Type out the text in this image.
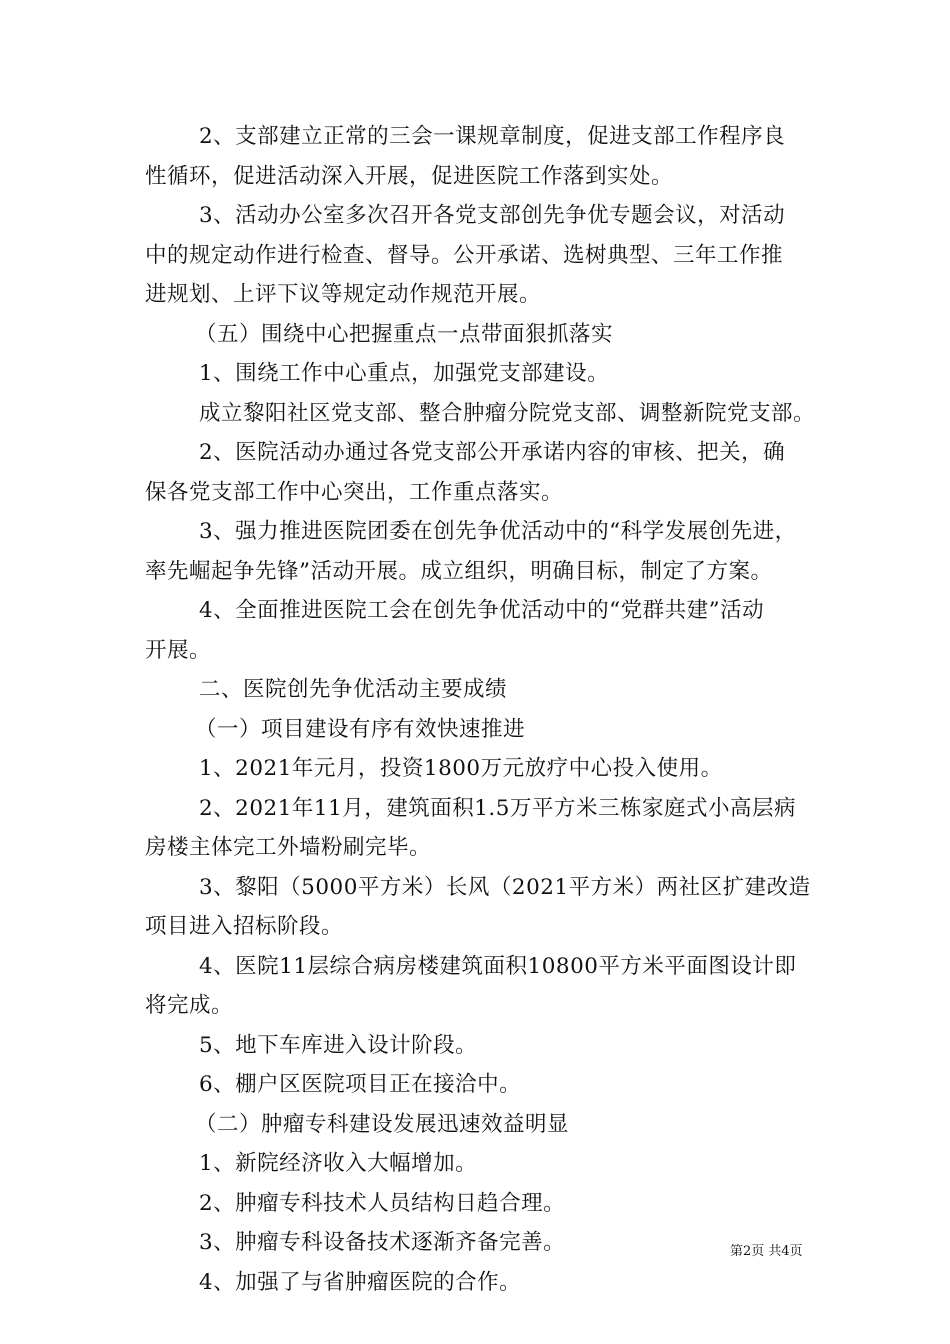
2、支部建立正常的三会一课规章制度，促进支部工作程序良
性循环，促进活动深入开展，促进医院工作落到实处。
3、活动办公室多次召开各党支部创先争优专题会议，对活动
中的规定动作进行检查、督导。公开承诺、选树典型、三年工作推
进规划、上评下议等规定动作规范开展。
（五）围绕中心把握重点一点带面狠抓落实
1、围绕工作中心重点，加强党支部建设。
成立黎阳社区党支部、整合肿瘤分院党支部、调整新院党支部。
2、医院活动办通过各党支部公开承诺内容的审核、把关，确
保各党支部工作中心突出，工作重点落实。
3、强力推进医院团委在创先争优活动中的“科学发展创先进，
率先崛起争先锋”活动开展。成立组织，明确目标，制定了方案。
4、全面推进医院工会在创先争优活动中的“党群共建”活动
开展。
二、医院创先争优活动主要成绩
（一）项目建设有序有效快速推进
1、2021年元月，投资1800万元放疗中心投入使用。
2、2021年11月，建筑面积1.5万平方米三栋家庭式小高层病
房楼主体完工外墙粉刷完毕。
3、黎阳（5000平方米）长风（2021平方米）两社区扩建改造
项目进入招标阶段。
4、医院11层综合病房楼建筑面积10800平方米平面图设计即
将完成。
5、地下车库进入设计阶段。
6、棚户区医院项目正在接洽中。
（二）肿瘤专科建设发展迅速效益明显
1、新院经济收入大幅增加。
2、肿瘤专科技术人员结构日趋合理。
3、肿瘤专科设备技术逐渐齐备完善。
4、加强了与省肿瘤医院的合作。
第2页 共4页
